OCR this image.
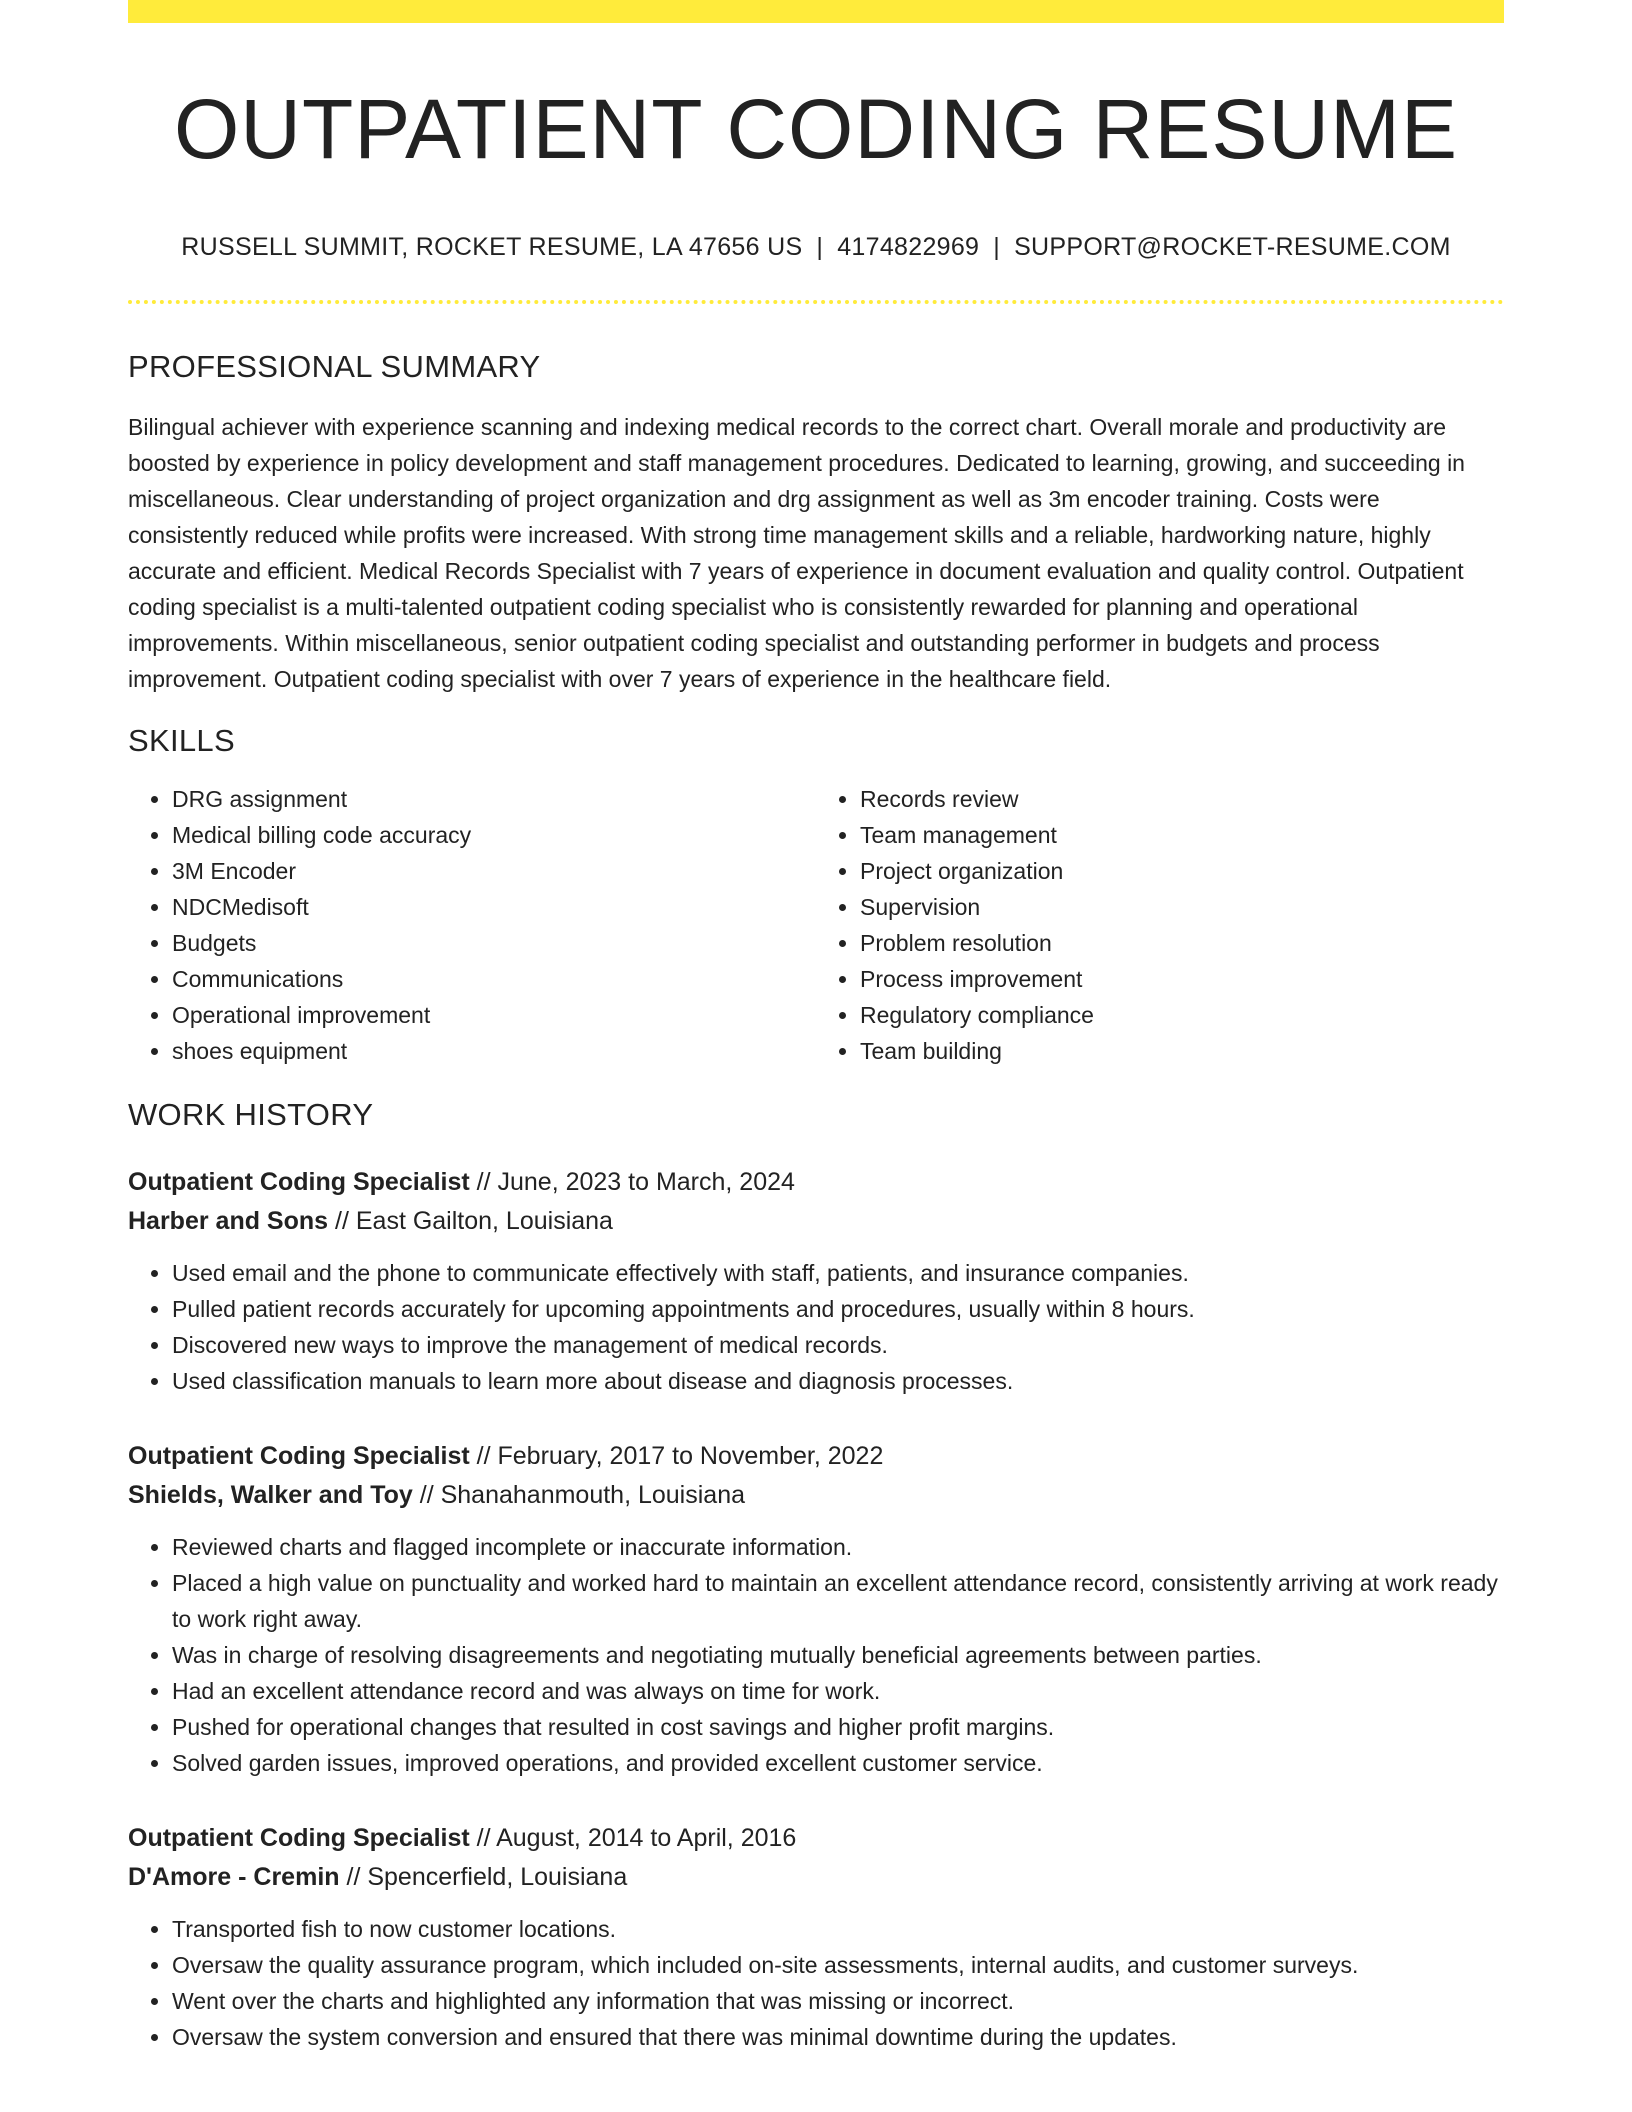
OUTPATIENT CODING RESUME
RUSSELL SUMMIT, ROCKET RESUME, LA 47656 US | 4174822969 | SUPPORT@ROCKET-RESUME.COM
PROFESSIONAL SUMMARY

Bilingual achiever with experience scanning and indexing medical records to the correct chart. Overall morale and productivity are boosted by experience in policy development and staff management procedures. Dedicated to learning, growing, and succeeding in miscellaneous. Clear understanding of project organization and drg assignment as well as 3m encoder training. Costs were consistently reduced while profits were increased. With strong time management skills and a reliable, hardworking nature, highly accurate and efficient. Medical Records Specialist with 7 years of experience in document evaluation and quality control. Outpatient coding specialist is a multi-talented outpatient coding specialist who is consistently rewarded for planning and operational improvements. Within miscellaneous, senior outpatient coding specialist and outstanding performer in budgets and process improvement. Outpatient coding specialist with over 7 years of experience in the healthcare field.

SKILLS
• DRG assignment
• Medical billing code accuracy
• 3M Encoder
• NDCMedisoft
• Budgets
• Communications
• Operational improvement
• shoes equipment
• Records review
• Team management
• Project organization
• Supervision
• Problem resolution
• Process improvement
• Regulatory compliance
• Team building
WORK HISTORY
Outpatient Coding Specialist // June, 2023 to March, 2024
Harber and Sons // East Gailton, Louisiana
• Used email and the phone to communicate effectively with staff, patients, and insurance companies.
• Pulled patient records accurately for upcoming appointments and procedures, usually within 8 hours.
• Discovered new ways to improve the management of medical records.
• Used classification manuals to learn more about disease and diagnosis processes.
Outpatient Coding Specialist // February, 2017 to November, 2022
Shields, Walker and Toy // Shanahanmouth, Louisiana
• Reviewed charts and flagged incomplete or inaccurate information.
• Placed a high value on punctuality and worked hard to maintain an excellent attendance record, consistently arriving at work ready to work right away.
• Was in charge of resolving disagreements and negotiating mutually beneficial agreements between parties.
• Had an excellent attendance record and was always on time for work.
• Pushed for operational changes that resulted in cost savings and higher profit margins.
• Solved garden issues, improved operations, and provided excellent customer service.
Outpatient Coding Specialist // August, 2014 to April, 2016
D'Amore - Cremin // Spencerfield, Louisiana
• Transported fish to now customer locations.
• Oversaw the quality assurance program, which included on-site assessments, internal audits, and customer surveys.
• Went over the charts and highlighted any information that was missing or incorrect.
• Oversaw the system conversion and ensured that there was minimal downtime during the updates.
